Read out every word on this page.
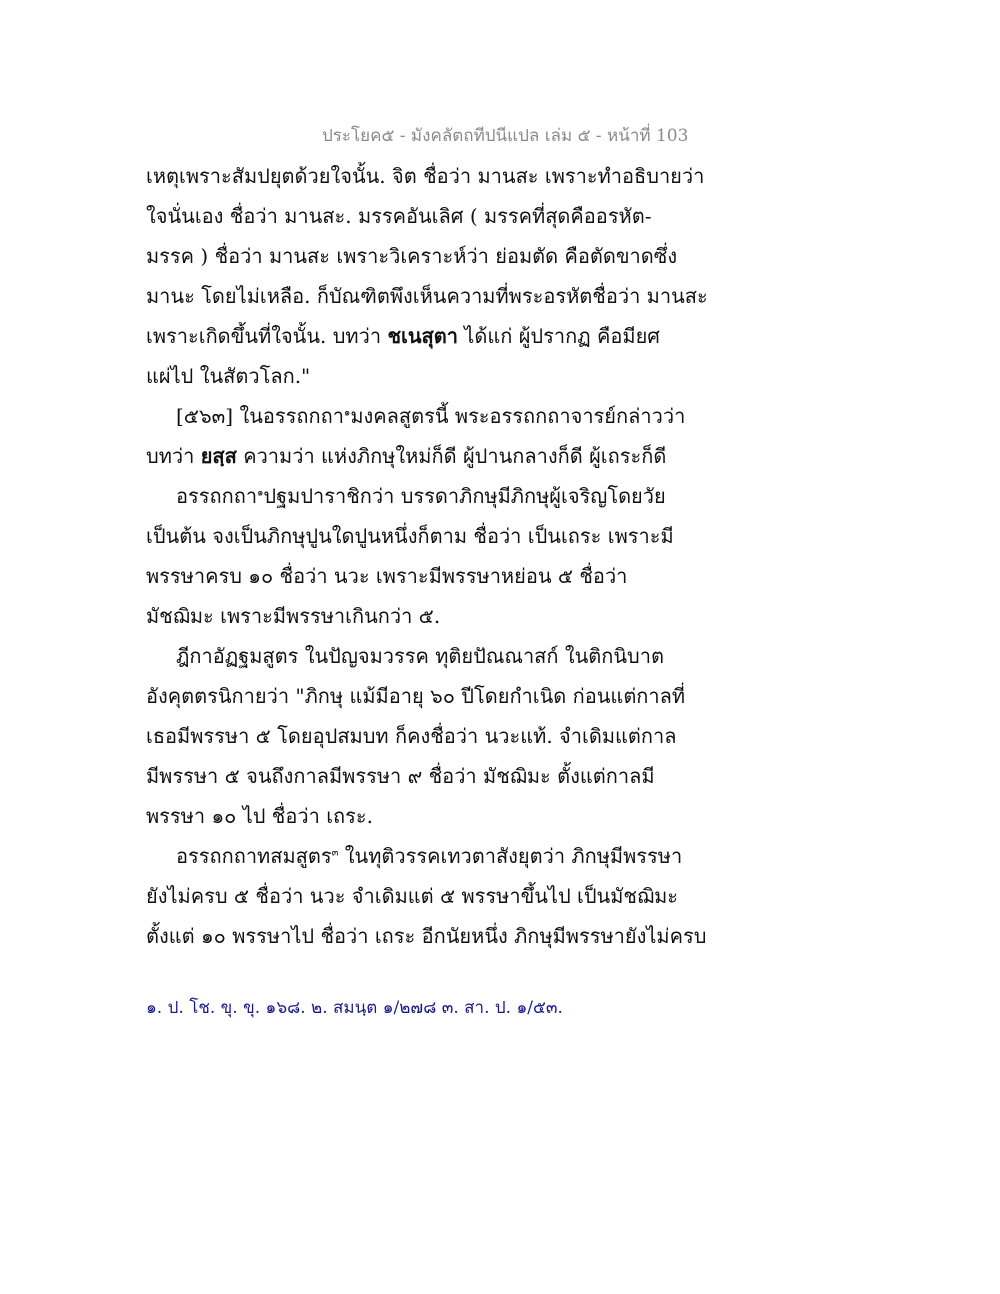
ประโยค๕ - มังคลัตถทีปนีแปล เล่ม ๕ - หน้าที่ 103
เหตุเพราะสัมปยุตด้วยใจนั้น. จิต ชื่อว่า มานสะ เพราะทำอธิบายว่า
ใจนั่นเอง ชื่อว่า มานสะ. มรรคอันเลิศ ( มรรคที่สุดคืออรหัต-
มรรค ) ชื่อว่า มานสะ เพราะวิเคราะห์ว่า ย่อมตัด คือตัดขาดซึ่ง
มานะ โดยไม่เหลือ. ก็บัณฑิตพึงเห็นความที่พระอรหัตชื่อว่า มานสะ
เพราะเกิดขึ้นที่ใจนั้น. บทว่า ชเนสุตา ได้แก่ ผู้ปรากฏ คือมียศ
แผ่ไป ในสัตวโลก."
[๕๖๓] ในอรรถกถา$^๑$มงคลสูตรนี้ พระอรรถกถาจารย์กล่าวว่า
บทว่า ยสฺส ความว่า แห่งภิกษุใหม่ก็ดี ผู้ปานกลางก็ดี ผู้เถระก็ดี
อรรถกถา$^๑$ปฐมปาราชิกว่า บรรดาภิกษุมีภิกษุผู้เจริญโดยวัย
เป็นต้น จงเป็นภิกษุปูนใดปูนหนึ่งก็ตาม ชื่อว่า เป็นเถระ เพราะมี
พรรษาครบ ๑๐ ชื่อว่า นวะ เพราะมีพรรษาหย่อน ๕ ชื่อว่า
มัชฌิมะ เพราะมีพรรษาเกินกว่า ๕.
ฎีกาอัฏฐมสูตร ในปัญจมวรรค ทุติยปัณณาสก์ ในติกนิบาต
อังคุตตรนิกายว่า "ภิกษุ แม้มีอายุ ๖๐ ปีโดยกำเนิด ก่อนแต่กาลที่
เธอมีพรรษา ๕ โดยอุปสมบท ก็คงชื่อว่า นวะแท้. จำเดิมแต่กาล
มีพรรษา ๕ จนถึงกาลมีพรรษา ๙ ชื่อว่า มัชฌิมะ ตั้งแต่กาลมี
พรรษา ๑๐ ไป ชื่อว่า เถระ.
อรรถกถาทสมสูตร$^๓$ ในทุติวรรคเทวตาสังยุตว่า ภิกษุมีพรรษา
ยังไม่ครบ ๕ ชื่อว่า นวะ จำเดิมแต่ ๕ พรรษาขึ้นไป เป็นมัชฌิมะ
ตั้งแต่ ๑๐ พรรษาไป ชื่อว่า เถระ อีกนัยหนึ่ง ภิกษุมีพรรษายังไม่ครบ
๑. ป. โช. ขุ. ขุ. ๑๖๘. ๒. สมนฺต ๑/๒๗๘ ๓. สา. ป. ๑/๕๓.
